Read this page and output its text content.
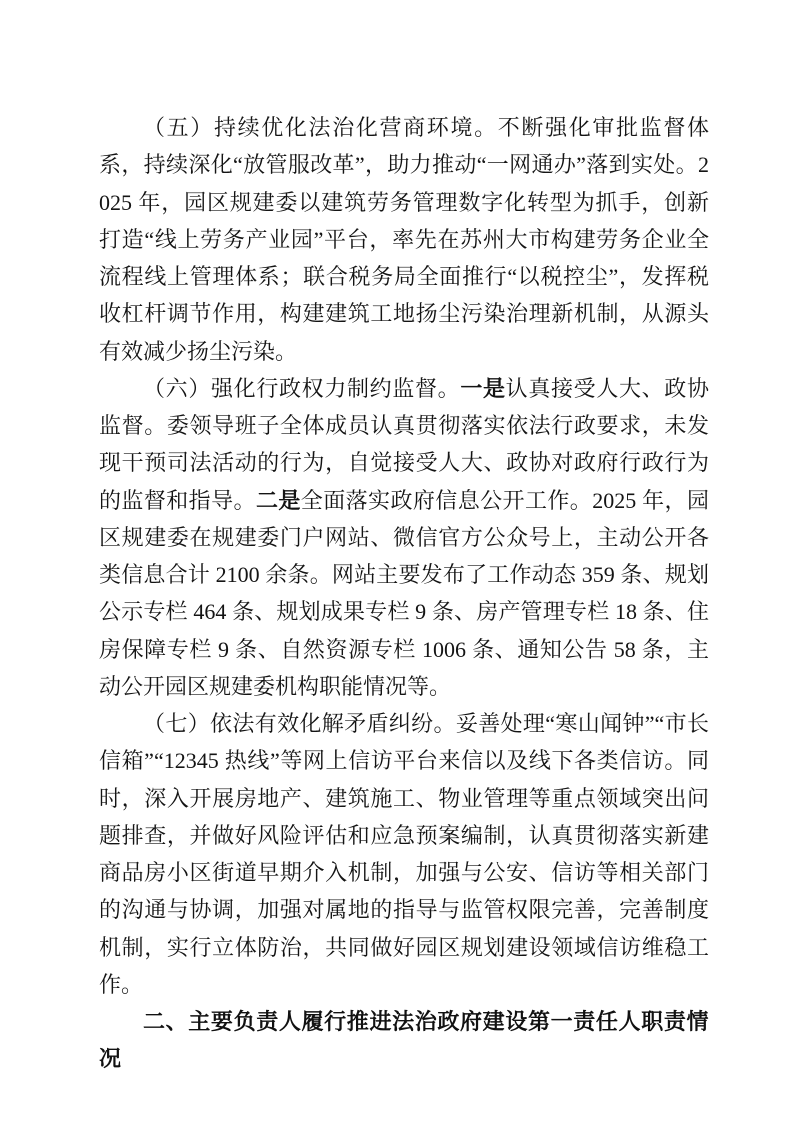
（五）持续优化法治化营商环境。不断强化审批监督体系，持续深化“放管服改革”，助力推动“一网通办”落到实处。2025 年，园区规建委以建筑劳务管理数字化转型为抓手，创新打造“线上劳务产业园”平台，率先在苏州大市构建劳务企业全流程线上管理体系；联合税务局全面推行“以税控尘”，发挥税收杠杆调节作用，构建建筑工地扬尘污染治理新机制，从源头有效减少扬尘污染。

（六）强化行政权力制约监督。一是认真接受人大、政协监督。委领导班子全体成员认真贯彻落实依法行政要求，未发现干预司法活动的行为，自觉接受人大、政协对政府行政行为的监督和指导。二是全面落实政府信息公开工作。2025 年，园区规建委在规建委门户网站、微信官方公众号上，主动公开各类信息合计 2100 余条。网站主要发布了工作动态 359 条、规划公示专栏 464 条、规划成果专栏 9 条、房产管理专栏 18 条、住房保障专栏 9 条、自然资源专栏 1006 条、通知公告 58 条，主动公开园区规建委机构职能情况等。

（七）依法有效化解矛盾纠纷。妥善处理“寒山闻钟”“市长信箱”“12345 热线”等网上信访平台来信以及线下各类信访。同时，深入开展房地产、建筑施工、物业管理等重点领域突出问题排查，并做好风险评估和应急预案编制，认真贯彻落实新建商品房小区街道早期介入机制，加强与公安、信访等相关部门的沟通与协调，加强对属地的指导与监管权限完善，完善制度机制，实行立体防治，共同做好园区规划建设领域信访维稳工作。

二、主要负责人履行推进法治政府建设第一责任人职责情况
